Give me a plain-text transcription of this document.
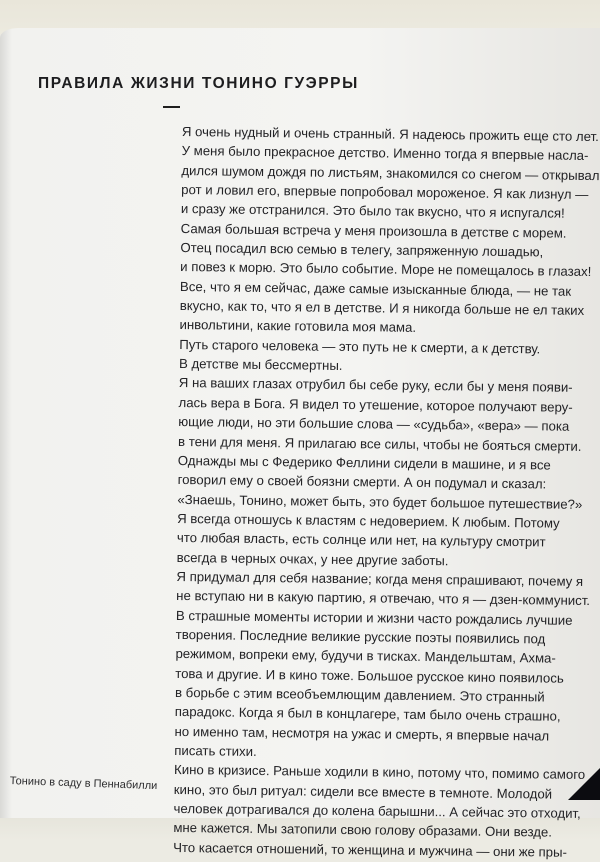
ПРАВИЛА ЖИЗНИ ТОНИНО ГУЭРРЫ
Я очень нудный и очень странный. Я надеюсь прожить еще сто лет.
У меня было прекрасное детство. Именно тогда я впервые насла-
дился шумом дождя по листьям, знакомился со снегом — открывал
рот и ловил его, впервые попробовал мороженое. Я как лизнул —
и сразу же отстранился. Это было так вкусно, что я испугался!
Самая большая встреча у меня произошла в детстве с морем.
Отец посадил всю семью в телегу, запряженную лошадью,
и повез к морю. Это было событие. Море не помещалось в глазах!
Все, что я ем сейчас, даже самые изысканные блюда, — не так
вкусно, как то, что я ел в детстве. И я никогда больше не ел таких
инвольтини, какие готовила моя мама.
Путь старого человека — это путь не к смерти, а к детству.
В детстве мы бессмертны.
Я на ваших глазах отрубил бы себе руку, если бы у меня появи-
лась вера в Бога. Я видел то утешение, которое получают веру-
ющие люди, но эти большие слова — «судьба», «вера» — пока
в тени для меня. Я прилагаю все силы, чтобы не бояться смерти.
Однажды мы с Федерико Феллини сидели в машине, и я все
говорил ему о своей боязни смерти. А он подумал и сказал:
«Знаешь, Тонино, может быть, это будет большое путешествие?»
Я всегда отношусь к властям с недоверием. К любым. Потому
что любая власть, есть солнце или нет, на культуру смотрит
всегда в черных очках, у нее другие заботы.
Я придумал для себя название; когда меня спрашивают, почему я
не вступаю ни в какую партию, я отвечаю, что я — дзен-коммунист.
В страшные моменты истории и жизни часто рождались лучшие
творения. Последние великие русские поэты появились под
режимом, вопреки ему, будучи в тисках. Мандельштам, Ахма-
това и другие. И в кино тоже. Большое русское кино появилось
в борьбе с этим всеобъемлющим давлением. Это странный
парадокс. Когда я был в концлагере, там было очень страшно,
но именно там, несмотря на ужас и смерть, я впервые начал
писать стихи.
Кино в кризисе. Раньше ходили в кино, потому что, помимо самого
кино, это был ритуал: сидели все вместе в темноте. Молодой
человек дотрагивался до колена барышни... А сейчас это отходит,
мне кажется. Мы затопили свою голову образами. Они везде.
Что касается отношений, то женщина и мужчина — они же пры-
Тонино в саду в Пеннабилли
